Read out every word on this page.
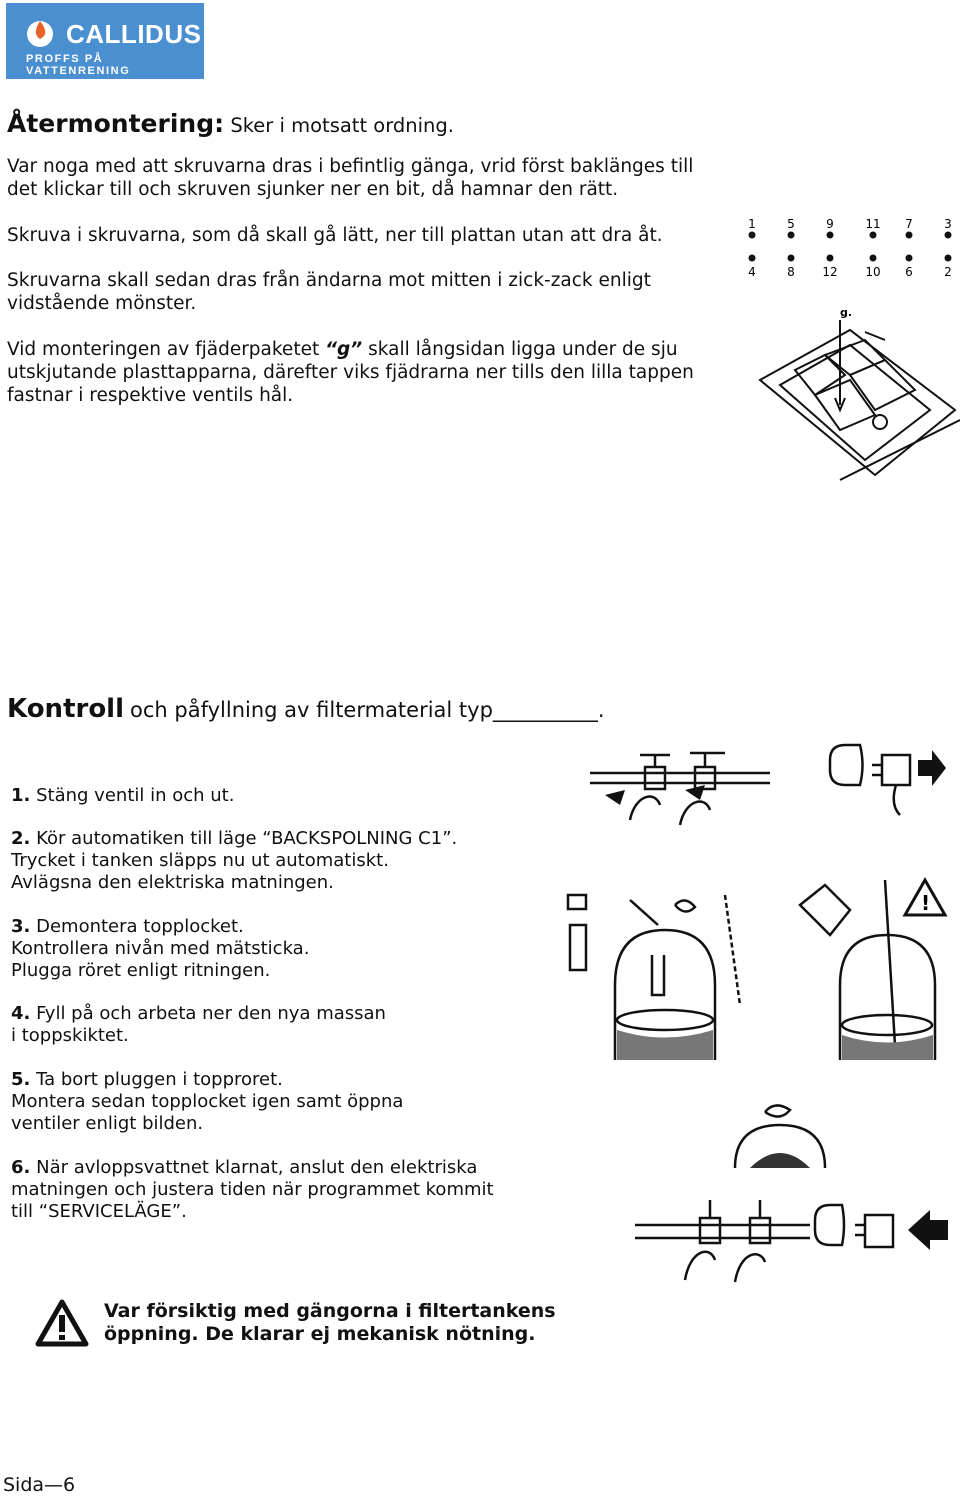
CALLIDUS
PROFFS PÅ VATTENRENING
Återmontering: Sker i motsatt ordning.

Var noga med att skruvarna dras i befintlig gänga, vrid först baklänges till det klickar till och skruven sjunker ner en bit, då hamnar den rätt.

Skruva i skruvarna, som då skall gå lätt, ner till plattan utan att dra åt.

Skruvarna skall sedan dras från ändarna mot mitten i zick-zack enligt vidstående mönster.

Vid monteringen av fjäderpaketet “g” skall långsidan ligga under de sju utskjutande plasttapparna, därefter viks fjädrarna ner tills den lilla tappen fastnar i respektive ventils hål.

1	5	9	11 7	3
4	8 12 10 6	2
g.
Kontroll och påfyllning av filtermaterial typ__________.

1. Stäng ventil in och ut.

2. Kör automatiken till läge “BACKSPOLNING C1”.
Trycket i tanken släpps nu ut automatiskt.
Avlägsna den elektriska matningen.

3. Demontera topplocket.
Kontrollera nivån med mätsticka.
Plugga röret enligt ritningen.

4. Fyll på och arbeta ner den nya massan
i toppskiktet.

5. Ta bort pluggen i topproret.
Montera sedan topplocket igen samt öppna
ventiler enligt bilden.

6. När avloppsvattnet klarnat, anslut den elektriska
matningen och justera tiden när programmet kommit
till “SERVICELÄGE”.

!
Var försiktig med gängorna i filtertankens
öppning. De klarar ej mekanisk nötning.
Sida—6
